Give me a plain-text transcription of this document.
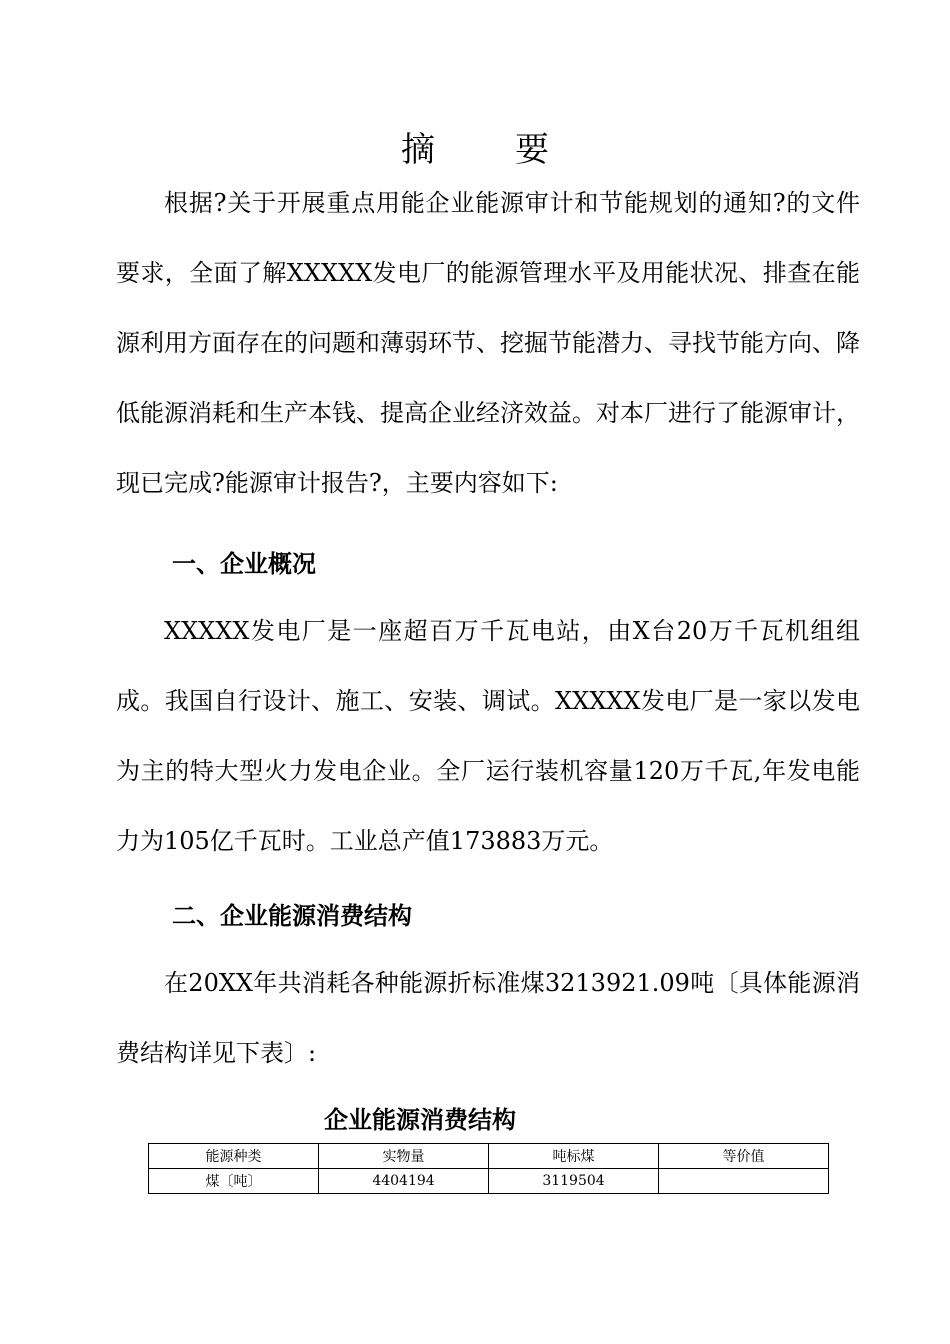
摘要

根据?关于开展重点用能企业能源审计和节能规划的通知?的文件要求，全面了解XXXXX发电厂的能源管理水平及用能状况、排查在能源利用方面存在的问题和薄弱环节、挖掘节能潜力、寻找节能方向、降低能源消耗和生产本钱、提高企业经济效益。对本厂进行了能源审计，现已完成?能源审计报告?，主要内容如下:

一、企业概况

XXXXX发电厂是一座超百万千瓦电站，由X台20万千瓦机组组成。我国自行设计、施工、安装、调试。XXXXX发电厂是一家以发电为主的特大型火力发电企业。全厂运行装机容量120万千瓦,年发电能力为105亿千瓦时。工业总产值173883万元。

二、企业能源消费结构

在20XX年共消耗各种能源折标准煤3213921.09吨〔具体能源消费结构详见下表〕:

企业能源消费结构
能源种类	实物量	吨标煤	等价值
煤〔吨〕	4404194	3119504	
